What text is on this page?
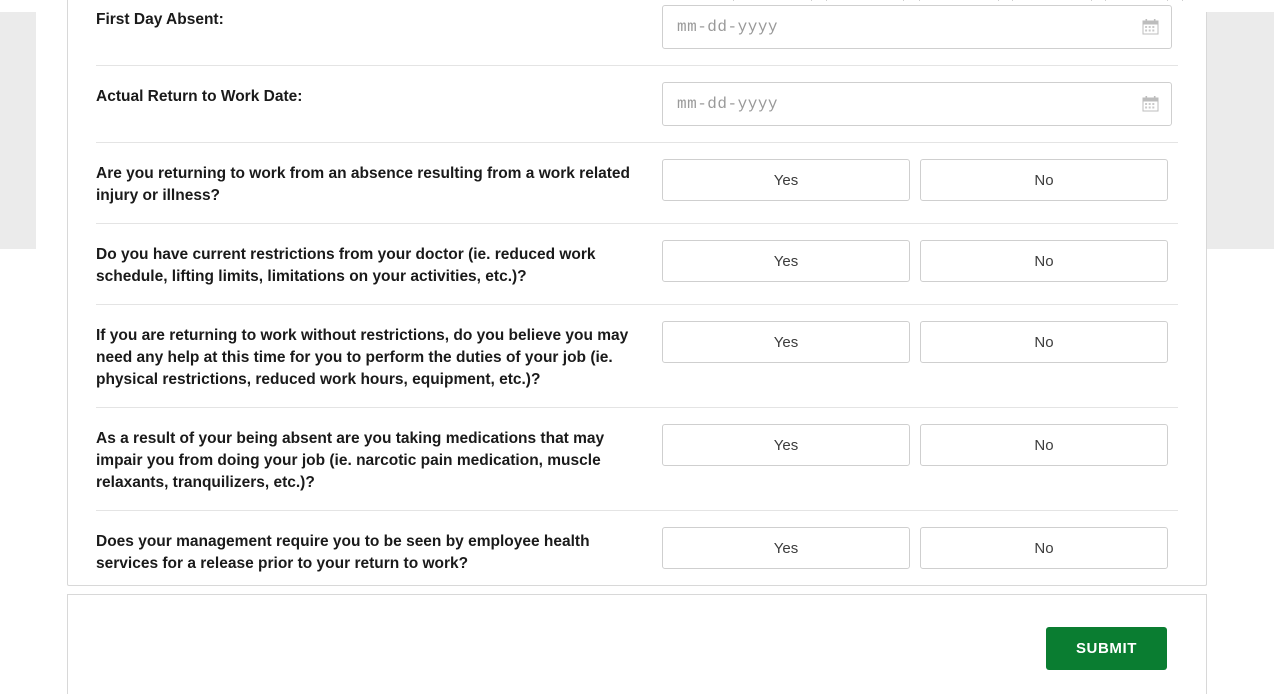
First Day Absent:	mm-dd-yyyy
Actual Return to Work Date:	mm-dd-yyyy
Are you returning to work from an absence resulting from a work related injury or illness?
Yes	No
Do you have current restrictions from your doctor (ie. reduced work schedule, lifting limits, limitations on your activities, etc.)?
Yes	No
If you are returning to work without restrictions, do you believe you may need any help at this time for you to perform the duties of your job (ie. physical restrictions, reduced work hours, equipment, etc.)?
Yes	No
As a result of your being absent are you taking medications that may impair you from doing your job (ie. narcotic pain medication, muscle relaxants, tranquilizers, etc.)?
Yes	No
Does your management require you to be seen by employee health services for a release prior to your return to work?
Yes	No
SUBMIT
